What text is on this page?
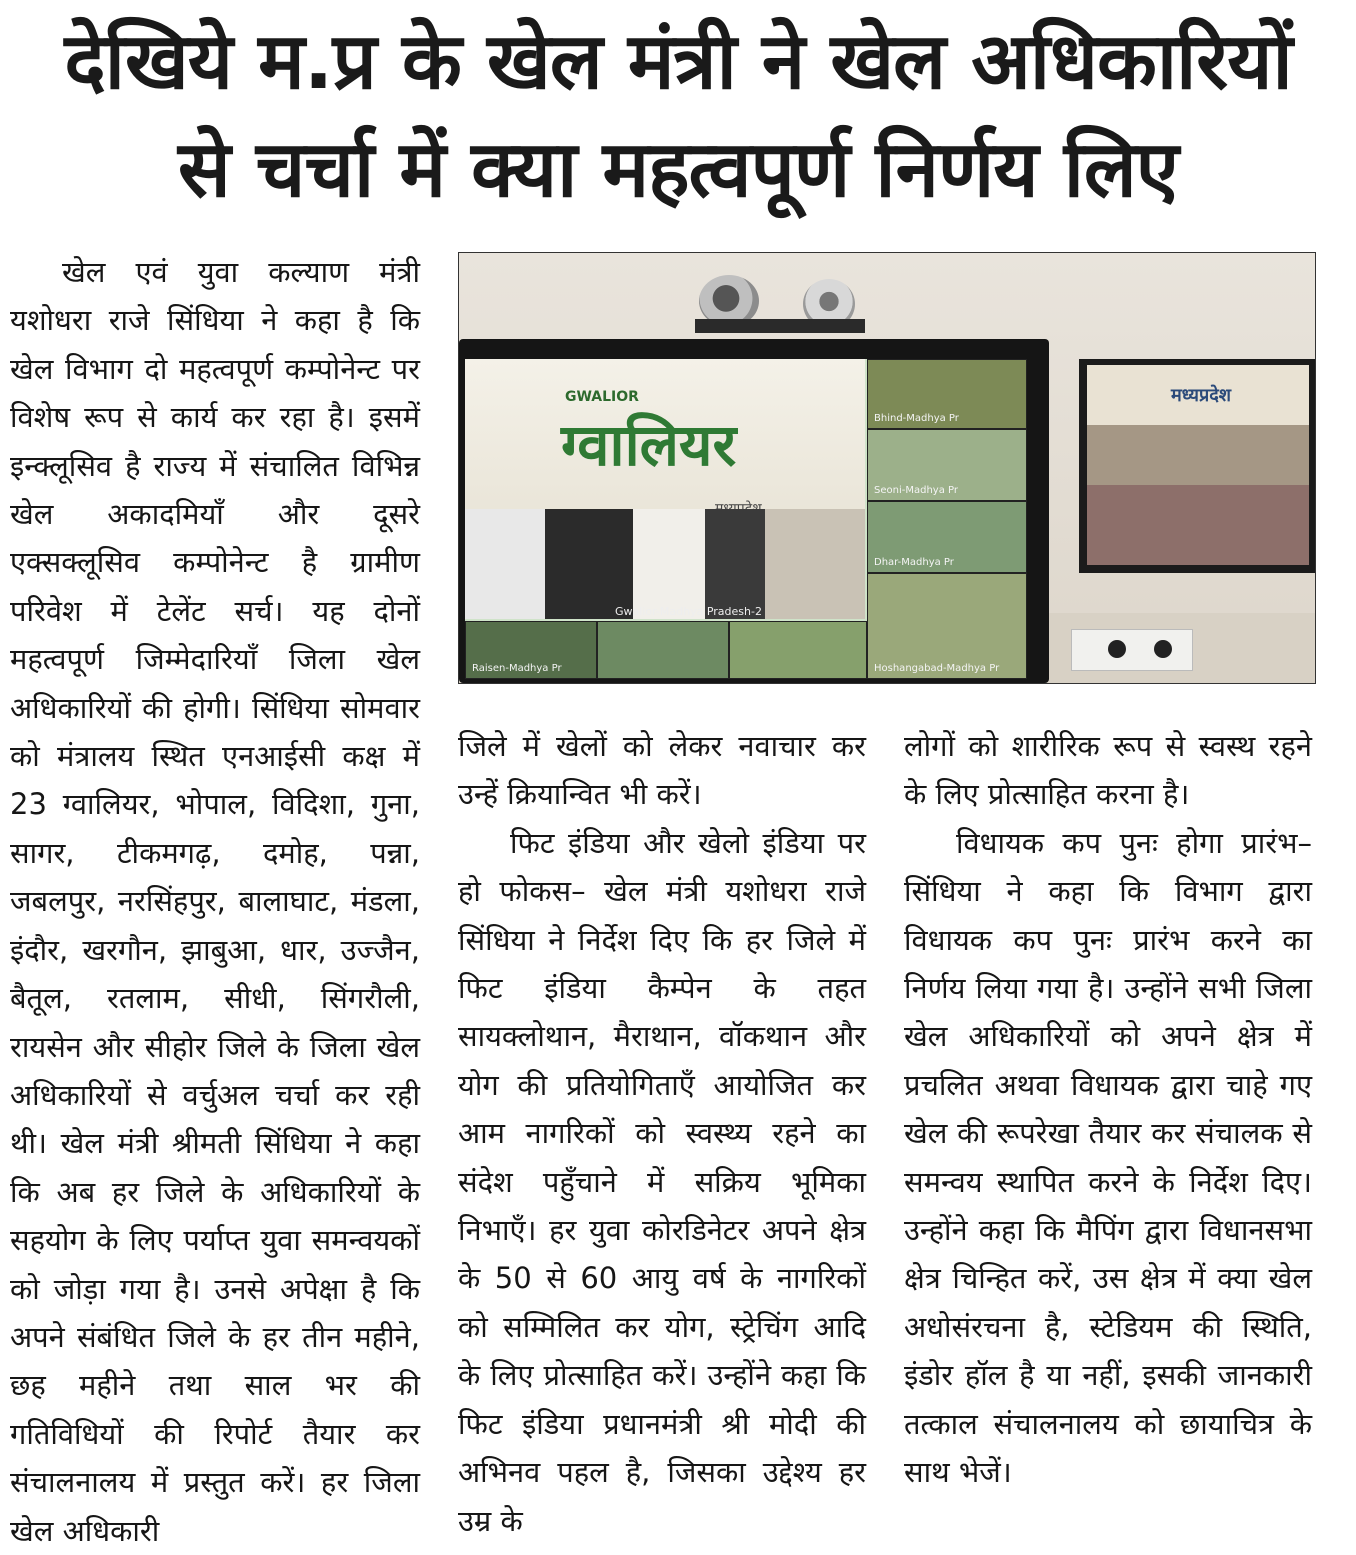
देखिये म.प्र के खेल मंत्री ने खेल अधिकारियों
से चर्चा में क्या महत्वपूर्ण निर्णय लिए

खेल एवं युवा कल्याण मंत्री यशोधरा राजे सिंधिया ने कहा है कि खेल विभाग दो महत्वपूर्ण कम्पोनेन्ट पर विशेष रूप से कार्य कर रहा है। इसमें इन्क्लूसिव है राज्य में संचालित विभिन्न खेल अकादमियाँ और दूसरे एक्सक्लूसिव कम्पोनेन्ट है ग्रामीण परिवेश में टेलेंट सर्च। यह दोनों महत्वपूर्ण जिम्मेदारियाँ जिला खेल अधिकारियों की होगी। सिंधिया सोमवार को मंत्रालय स्थित एनआईसी कक्ष में 23 ग्वालियर, भोपाल, विदिशा, गुना, सागर, टीकमगढ़, दमोह, पन्ना, जबलपुर, नरसिंहपुर, बालाघाट, मंडला, इंदौर, खरगौन, झाबुआ, धार, उज्जैन, बैतूल, रतलाम, सीधी, सिंगरौली, रायसेन और सीहोर जिले के जिला खेल अधिकारियों से वर्चुअल चर्चा कर रही थी। खेल मंत्री श्रीमती सिंधिया ने कहा कि अब हर जिले के अधिकारियों के सहयोग के लिए पर्याप्त युवा समन्वयकों को जोड़ा गया है। उनसे अपेक्षा है कि अपने संबंधित जिले के हर तीन महीने, छह महीने तथा साल भर की गतिविधियों की रिपोर्ट तैयार कर संचालनालय में प्रस्तुत करें। हर जिला खेल अधिकारी

GWALIOR
ग्वालियर
Gwalior-Madhya Pradesh-2
Bhind-Madhya Pr
Seoni-Madhya Pr
Dhar-Madhya Pr
Hoshangabad-Madhya Pr
Raisen-Madhya Pr
मध्यप्रदेश

जिले में खेलों को लेकर नवाचार कर उन्हें क्रियान्वित भी करें।

फिट इंडिया और खेलो इंडिया पर हो फोकस– खेल मंत्री यशोधरा राजे सिंधिया ने निर्देश दिए कि हर जिले में फिट इंडिया कैम्पेन के तहत सायक्लोथान, मैराथान, वॉकथान और योग की प्रतियोगिताएँ आयोजित कर आम नागरिकों को स्वस्थ्य रहने का संदेश पहुँचाने में सक्रिय भूमिका निभाएँ। हर युवा कोरडिनेटर अपने क्षेत्र के 50 से 60 आयु वर्ष के नागरिकों को सम्मिलित कर योग, स्ट्रेचिंग आदि के लिए प्रोत्साहित करें। उन्होंने कहा कि फिट इंडिया प्रधानमंत्री श्री मोदी की अभिनव पहल है, जिसका उद्देश्य हर उम्र के

लोगों को शारीरिक रूप से स्वस्थ रहने के लिए प्रोत्साहित करना है।

विधायक कप पुनः होगा प्रारंभ– सिंधिया ने कहा कि विभाग द्वारा विधायक कप पुनः प्रारंभ करने का निर्णय लिया गया है। उन्होंने सभी जिला खेल अधिकारियों को अपने क्षेत्र में प्रचलित अथवा विधायक द्वारा चाहे गए खेल की रूपरेखा तैयार कर संचालक से समन्वय स्थापित करने के निर्देश दिए। उन्होंने कहा कि मैपिंग द्वारा विधानसभा क्षेत्र चिन्हित करें, उस क्षेत्र में क्या खेल अधोसंरचना है, स्टेडियम की स्थिति, इंडोर हॉल है या नहीं, इसकी जानकारी तत्काल संचालनालय को छायाचित्र के साथ भेजें।
